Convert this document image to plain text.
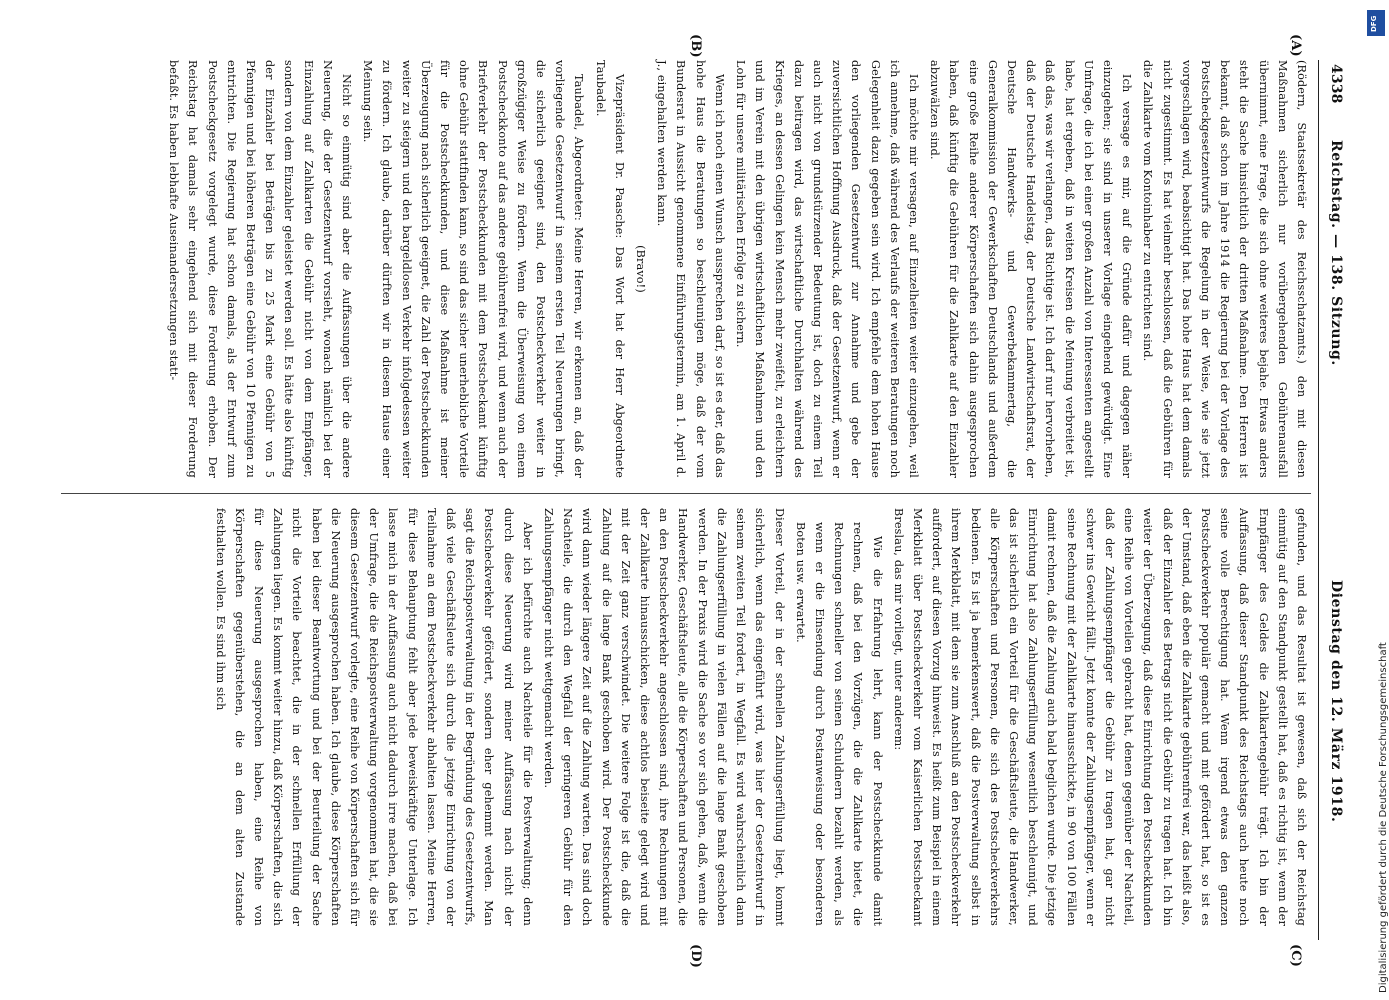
4338
Reichstag. — 138. Sitzung.
Dienstag den 12. März 1918.
(A)
(B)
(C)
(D)

(Rödern, Staatssekretär des Reichsschatzamts.) den mit diesen Maßnahmen sicherlich nur vorübergehenden Gebührenausfall übernimmt, eine Frage, die sich ohne weiteres bejahe. Etwas anders steht die Sache hinsichtlich der dritten Maßnahme. Den Herren ist bekannt, daß schon im Jahre 1914 die Regierung bei der Vorlage des Postscheckgesetzentwurfs die Regelung in der Weise, wie sie jetzt vorgeschlagen wird, beabsichtigt hat. Das hohe Haus hat dem damals nicht zugestimmt. Es hat vielmehr beschlossen, daß die Gebühren für die Zahlkarte vom Kontoinhaber zu entrichten sind.

Ich versage es mir, auf die Gründe dafür und dagegen näher einzugehen; sie sind in unserer Vorlage eingehend gewürdigt. Eine Umfrage, die ich bei einer großen Anzahl von Interessenten angestellt habe, hat ergeben, daß in weiten Kreisen die Meinung verbreitet ist, daß das, was wir verlangen, das Richtige ist. Ich darf nur hervorheben, daß der Deutsche Handelstag, der Deutsche Landwirtschaftsrat, der Deutsche Handwerks- und Gewerbekammertag, die Generalkommission der Gewerkschaften Deutschlands und außerdem eine große Reihe anderer Körperschaften sich dahin ausgesprochen haben, daß künftig die Gebühren für die Zahlkarte auf den Einzahler abzuwälzen sind.

Ich möchte mir versagen, auf Einzelheiten weiter einzugehen, weil ich annehme, daß während des Verlaufs der weiteren Beratungen noch Gelegenheit dazu gegeben sein wird. Ich empfehle dem hohen Hause den vorliegenden Gesetzentwurf zur Annahme und gebe der zuversichtlichen Hoffnung Ausdruck, daß der Gesetzentwurf, wenn er auch nicht von grundstürzender Bedeutung ist, doch zu einem Teil dazu beitragen wird, das wirtschaftliche Durchhalten während des Krieges, an dessen Gelingen kein Mensch mehr zweifelt, zu erleichtern und im Verein mit den übrigen wirtschaftlichen Maßnahmen und den Lohn für unsere militärischen Erfolge zu sichern.

Wenn ich noch einen Wunsch aussprechen darf, so ist es der, daß das hohe Haus die Beratungen so beschleunigen möge, daß der vom Bundesrat in Aussicht genommene Einführungstermin, am 1. April d. J., eingehalten werden kann.

(Bravo!)

Vizepräsident Dr. Paasche: Das Wort hat der Herr Abgeordnete Taubadel.

Taubadel, Abgeordneter: Meine Herren, wir erkennen an, daß der vorliegende Gesetzentwurf in seinem ersten Teil Neuerungen bringt, die sicherlich geeignet sind, den Postscheckverkehr weiter in großzügiger Weise zu fördern. Wenn die Überweisung von einem Postscheckkonto auf das andere gebührenfrei wird, und wenn auch der Briefverkehr der Postscheckkunden mit dem Postscheckamt künftig ohne Gebühr stattfinden kann, so sind das sicher unerhebliche Vorteile für die Postscheckkunden, und diese Maßnahme ist meiner Überzeugung nach sicherlich geeignet, die Zahl der Postscheckkunden weiter zu steigern und den bargeldlosen Verkehr infolgedessen weiter zu fördern. Ich glaube, darüber dürften wir in diesem Hause einer Meinung sein.

Nicht so einmütig sind aber die Auffassungen über die andere Neuerung, die der Gesetzentwurf vorsieht, wonach nämlich bei der Einzahlung auf Zahlkarten die Gebühr nicht von dem Empfänger, sondern von dem Einzahler geleistet werden soll. Es hätte also künftig der Einzahler bei Beträgen bis zu 25 Mark eine Gebühr von 5 Pfennigen und bei höheren Beträgen eine Gebühr von 10 Pfennigen zu entrichten. Die Regierung hat schon damals, als der Entwurf zum Postscheckgesetz vorgelegt wurde, diese Forderung erhoben. Der Reichstag hat damals sehr eingehend sich mit dieser Forderung befaßt. Es haben lebhafte Auseinandersetzungen statt-

gefunden, und das Resultat ist gewesen, daß sich der Reichstag einmütig auf den Standpunkt gestellt hat, daß es richtig ist, wenn der Empfänger des Geldes die Zahlkartengebühr trägt. Ich bin der Auffassung, daß dieser Standpunkt des Reichstags auch heute noch seine volle Berechtigung hat. Wenn irgend etwas den ganzen Postscheckverkehr populär gemacht und mit gefördert hat, so ist es der Umstand, daß eben die Zahlkarte gebührenfrei war, das heißt also, daß der Einzahler des Betrags nicht die Gebühr zu tragen hat. Ich bin weiter der Überzeugung, daß diese Einrichtung den Postscheckkunden eine Reihe von Vorteilen gebracht hat, denen gegenüber der Nachteil, daß der Zahlungsempfänger die Gebühr zu tragen hat, gar nicht schwer ins Gewicht fällt. Jetzt konnte der Zahlungsempfänger, wenn er seine Rechnung mit der Zahlkarte hinausschickte, in 90 von 100 Fällen damit rechnen, daß die Zahlung auch bald beglichen wurde. Die jetzige Einrichtung hat also Zahlungserfüllung wesentlich beschleunigt, und das ist sicherlich ein Vorteil für die Geschäftsleute, die Handwerker, alle Körperschaften und Personen, die sich des Postscheckverkehrs bedienen. Es ist ja bemerkenswert, daß die Postverwaltung selbst in ihrem Merkblatt, mit dem sie zum Anschluß an den Postscheckverkehr auffordert, auf diesen Vorzug hinweist. Es heißt zum Beispiel in einem Merkblatt über Postscheckverkehr vom Kaiserlichen Postscheckamt Breslau, das mir vorliegt, unter anderem:

Wie die Erfahrung lehrt, kann der Postscheckkunde damit rechnen, daß bei den Vorzügen, die die Zahlkarte bietet, die Rechnungen schneller von seinen Schuldnern bezahlt werden, als wenn er die Einsendung durch Postanweisung oder besonderen Boten usw. erwartet.

Dieser Vorteil, der in der schnellen Zahlungserfüllung liegt, kommt sicherlich, wenn das eingeführt wird, was hier der Gesetzentwurf in seinem zweiten Teil fordert, in Wegfall. Es wird wahrscheinlich dann die Zahlungserfüllung in vielen Fällen auf die lange Bank geschoben werden. In der Praxis wird die Sache so vor sich gehen, daß, wenn die Handwerker, Geschäftsleute, alle die Körperschaften und Personen, die an den Postscheckverkehr angeschlossen sind, ihre Rechnungen mit der Zahlkarte hinausschicken, diese achtlos beiseite gelegt wird und mit der Zeit ganz verschwindet. Die weitere Folge ist die, daß die Zahlung auf die lange Bank geschoben wird. Der Postscheckkunde wird dann wieder längere Zeit auf die Zahlung warten. Das sind doch Nachteile, die durch den Wegfall der geringeren Gebühr für den Zahlungsempfänger nicht wettgemacht werden.

Aber ich befürchte auch Nachteile für die Postverwaltung; denn durch diese Neuerung wird meiner Auffassung nach nicht der Postscheckverkehr gefördert, sondern eher gehemmt werden. Man sagt die Reichspostverwaltung in der Begründung des Gesetzentwurfs, daß viele Geschäftsleute sich durch die jetzige Einrichtung von der Teilnahme an dem Postscheckverkehr abhalten lassen. Meine Herren, für diese Behauptung fehlt aber jede beweiskräftige Unterlage. Ich lasse mich in der Auffassung auch nicht dadurch irre machen, daß bei der Umfrage, die die Reichspostverwaltung vorgenommen hat, die sie diesem Gesetzentwurf vorlegte, eine Reihe von Körperschaften sich für die Neuerung ausgesprochen haben. Ich glaube, diese Körperschaften haben bei dieser Beantwortung und bei der Beurteilung der Sache nicht die Vorteile beachtet, die in der schnellen Erfüllung der Zahlungen liegen. Es kommt weiter hinzu, daß Körperschaften, die sich für diese Neuerung ausgesprochen haben, eine Reihe von Körperschaften gegenüberstehen, die an dem alten Zustande festhalten wollen. Es sind ihm sich

DFG
Digitalisierung gefördert durch die Deutsche Forschungsgemeinschaft
